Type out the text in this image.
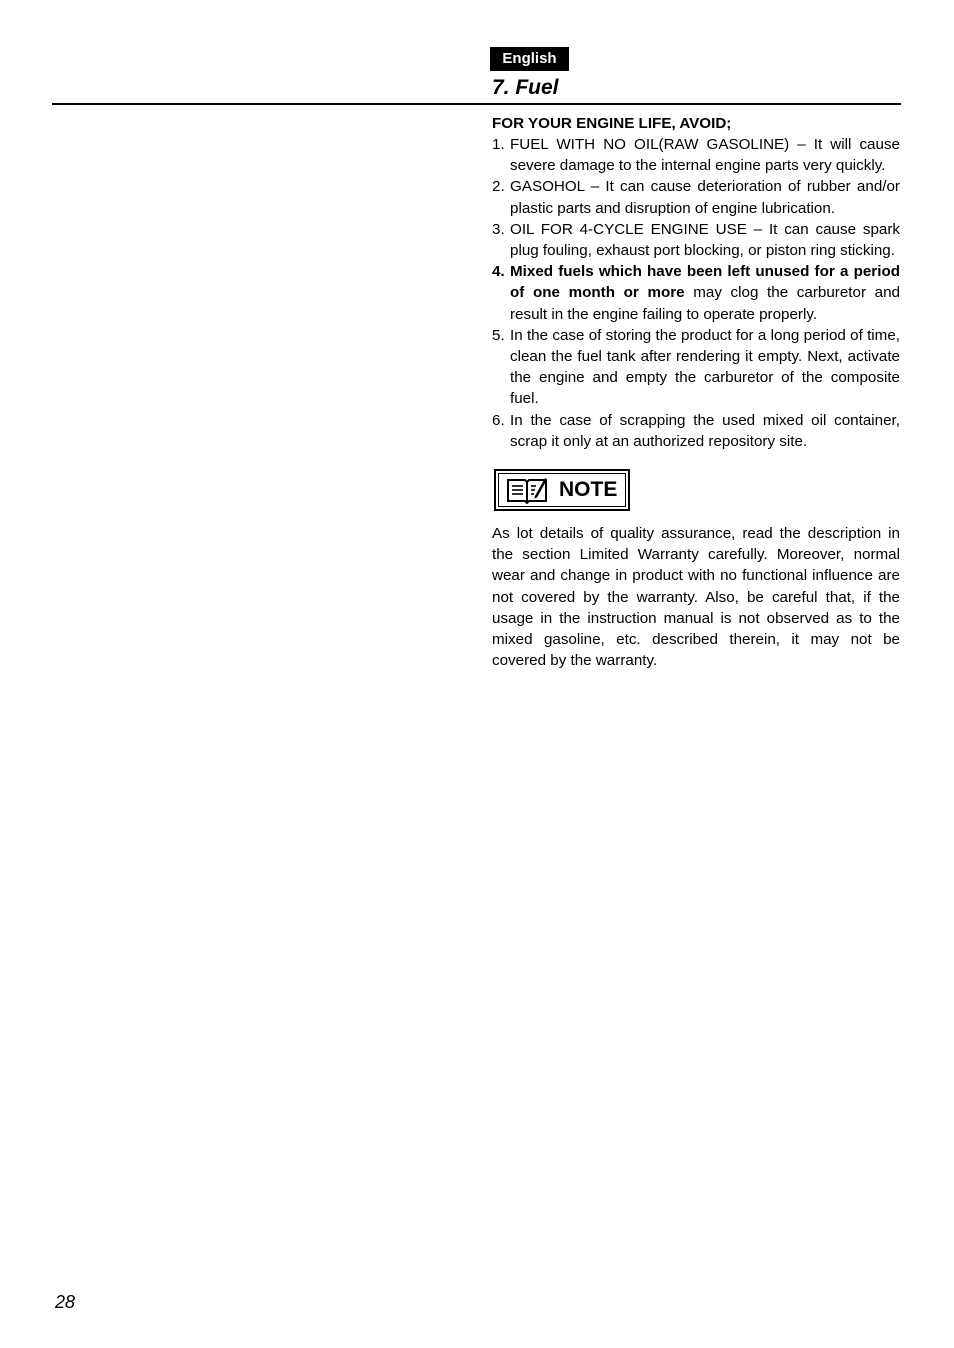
English
7. Fuel

FOR YOUR ENGINE LIFE, AVOID;

1. FUEL WITH NO OIL(RAW GASOLINE) – It will cause severe damage to the internal engine parts very quickly.
2. GASOHOL – It can cause deterioration of rubber and/or plastic parts and disruption of engine lubrication.
3. OIL FOR 4-CYCLE ENGINE USE – It can cause spark plug fouling, exhaust port blocking, or piston ring sticking.
4. Mixed fuels which have been left unused for a period of one month or more may clog the carburetor and result in the engine failing to operate properly.
5. In the case of storing the product for a long period of time, clean the fuel tank after rendering it empty. Next, activate the engine and empty the carburetor of the composite fuel.
6. In the case of scrapping the used mixed oil container, scrap it only at an authorized repository site.
NOTE

As lot details of quality assurance, read the description in the section Limited Warranty carefully. Moreover, normal wear and change in product with no functional influence are not covered by the warranty. Also, be careful that, if the usage in the instruction manual is not observed as to the mixed gasoline, etc. described therein, it may not be covered by the warranty.

28
